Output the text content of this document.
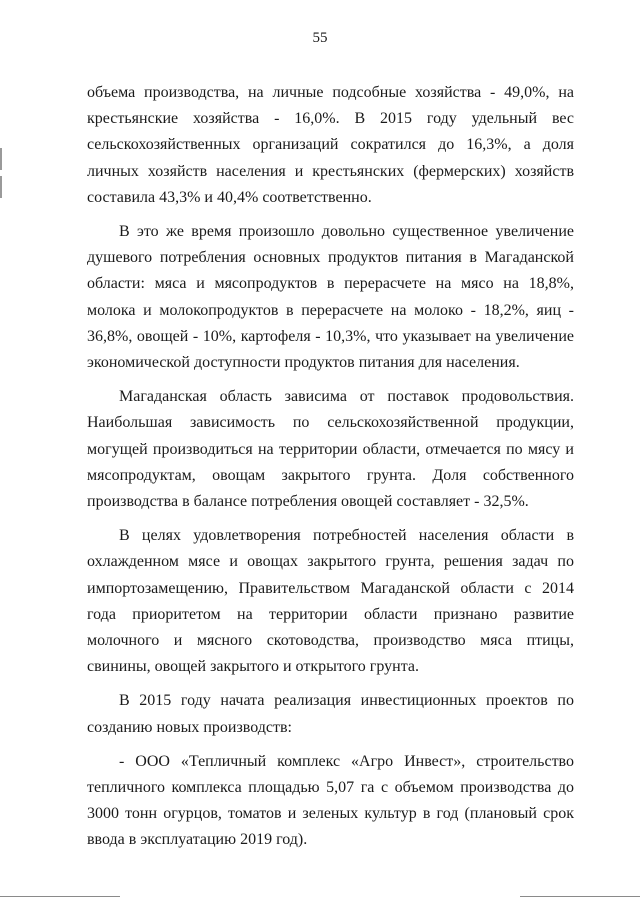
55

объема производства, на личные подсобные хозяйства - 49,0%, на крестьянские хозяйства - 16,0%. В 2015 году удельный вес сельскохозяйственных организаций сократился до 16,3%, а доля личных хозяйств населения и крестьянских (фермерских) хозяйств составила 43,3% и 40,4% соответственно.

В это же время произошло довольно существенное увеличение душевого потребления основных продуктов питания в Магаданской области: мяса и мясопродуктов в перерасчете на мясо на 18,8%, молока и молокопродуктов в перерасчете на молоко - 18,2%, яиц - 36,8%, овощей - 10%, картофеля - 10,3%, что указывает на увеличение экономической доступности продуктов питания для населения.

Магаданская область зависима от поставок продовольствия. Наибольшая зависимость по сельскохозяйственной продукции, могущей производиться на территории области, отмечается по мясу и мясопродуктам, овощам закрытого грунта. Доля собственного производства в балансе потребления овощей составляет - 32,5%.

В целях удовлетворения потребностей населения области в охлажденном мясе и овощах закрытого грунта, решения задач по импортозамещению, Правительством Магаданской области с 2014 года приоритетом на территории области признано развитие молочного и мясного скотоводства, производство мяса птицы, свинины, овощей закрытого и открытого грунта.

В 2015 году начата реализация инвестиционных проектов по созданию новых производств:

- ООО «Тепличный комплекс «Агро Инвест», строительство тепличного комплекса площадью 5,07 га с объемом производства до 3000 тонн огурцов, томатов и зеленых культур в год (плановый срок ввода в эксплуатацию 2019 год).
